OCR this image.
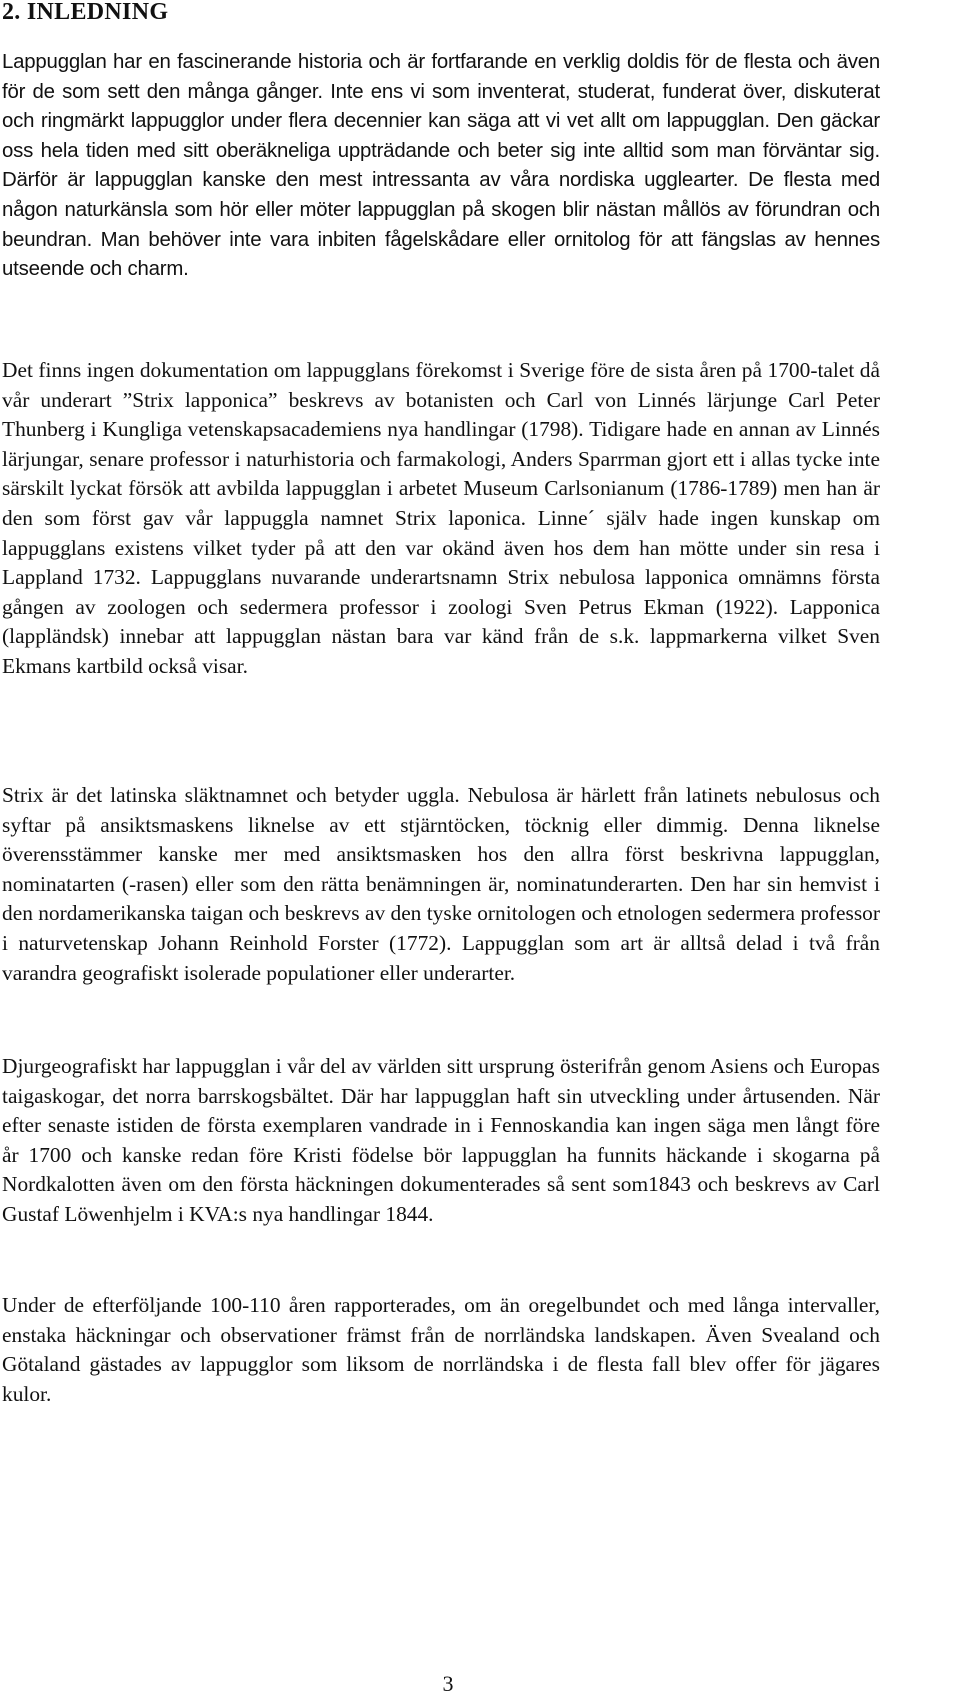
2. INLEDNING

Lappugglan har en fascinerande historia och är fortfarande en verklig doldis för de flesta och även för de som sett den många gånger. Inte ens vi som inventerat, studerat, funderat över, diskuterat och ringmärkt lappugglor under flera decennier kan säga att vi vet allt om lappugglan. Den gäckar oss hela tiden med sitt oberäkneliga uppträdande och beter sig inte alltid som man förväntar sig. Därför är lappugglan kanske den mest intressanta av våra nordiska ugglearter. De flesta med någon naturkänsla som hör eller möter lappugglan på skogen blir nästan mållös av förundran och beundran. Man behöver inte vara inbiten fågelskådare eller ornitolog för att fängslas av hennes utseende och charm.

Det finns ingen dokumentation om lappugglans förekomst i Sverige före de sista åren på 1700-talet då vår underart ”Strix lapponica” beskrevs av botanisten och Carl von Linnés lärjunge Carl Peter Thunberg i Kungliga vetenskapsacademiens nya handlingar (1798). Tidigare hade en annan av Linnés lärjungar, senare professor i naturhistoria och farmakologi, Anders Sparrman gjort ett i allas tycke inte särskilt lyckat försök att avbilda lappugglan i arbetet Museum Carlsonianum (1786-1789) men han är den som först gav vår lappuggla namnet Strix laponica. Linne´ själv hade ingen kunskap om lappugglans existens vilket tyder på att den var okänd även hos dem han mötte under sin resa i Lappland 1732. Lappugglans nuvarande underartsnamn Strix nebulosa lapponica omnämns första gången av zoologen och sedermera professor i zoologi Sven Petrus Ekman (1922). Lapponica (lappländsk) innebar att lappugglan nästan bara var känd från de s.k. lappmarkerna vilket Sven Ekmans kartbild också visar.

Strix är det latinska släktnamnet och betyder uggla. Nebulosa är härlett från latinets nebulosus och syftar på ansiktsmaskens liknelse av ett stjärntöcken, töcknig eller dimmig. Denna liknelse överensstämmer kanske mer med ansiktsmasken hos den allra först beskrivna lappugglan, nominatarten (-rasen) eller som den rätta benämningen är, nominatunderarten. Den har sin hemvist i den nordamerikanska taigan och beskrevs av den tyske ornitologen och etnologen sedermera professor i naturvetenskap Johann Reinhold Forster (1772). Lappugglan som art är alltså delad i två från varandra geografiskt isolerade populationer eller underarter.

Djurgeografiskt har lappugglan i vår del av världen sitt ursprung österifrån genom Asiens och Europas taigaskogar, det norra barrskogsbältet. Där har lappugglan haft sin utveckling under årtusenden. När efter senaste istiden de första exemplaren vandrade in i Fennoskandia kan ingen säga men långt före år 1700 och kanske redan före Kristi födelse bör lappugglan ha funnits häckande i skogarna på Nordkalotten även om den första häckningen dokumenterades så sent som1843 och beskrevs av Carl Gustaf Löwenhjelm i KVA:s nya handlingar 1844.

Under de efterföljande 100-110 åren rapporterades, om än oregelbundet och med långa intervaller, enstaka häckningar och observationer främst från de norrländska landskapen. Även Svealand och Götaland gästades av lappugglor som liksom de norrländska i de flesta fall blev offer för jägares kulor.

3
